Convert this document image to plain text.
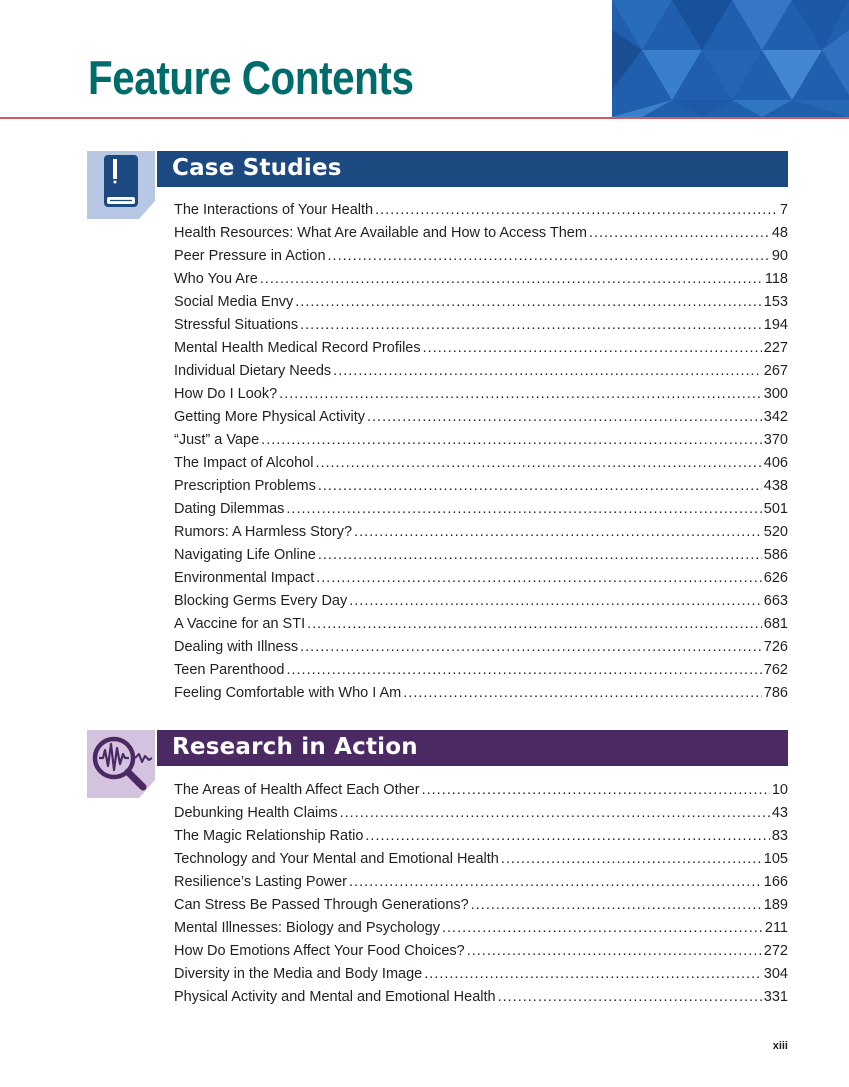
Feature Contents
Case Studies
The Interactions of Your Health .....	7
Health Resources: What Are Available and How to Access Them .....	48
Peer Pressure in Action .....	90
Who You Are .....	118
Social Media Envy .....	153
Stressful Situations .....	194
Mental Health Medical Record Profiles .....	227
Individual Dietary Needs .....	267
How Do I Look? .....	300
Getting More Physical Activity .....	342
“Just” a Vape .....	370
The Impact of Alcohol .....	406
Prescription Problems .....	438
Dating Dilemmas .....	501
Rumors: A Harmless Story? .....	520
Navigating Life Online .....	586
Environmental Impact .....	626
Blocking Germs Every Day .....	663
A Vaccine for an STI .....	681
Dealing with Illness .....	726
Teen Parenthood .....	762
Feeling Comfortable with Who I Am .....	786
Research in Action
The Areas of Health Affect Each Other .....	10
Debunking Health Claims .....	43
The Magic Relationship Ratio .....	83
Technology and Your Mental and Emotional Health .....	105
Resilience’s Lasting Power .....	166
Can Stress Be Passed Through Generations? .....	189
Mental Illnesses: Biology and Psychology .....	211
How Do Emotions Affect Your Food Choices? .....	272
Diversity in the Media and Body Image .....	304
Physical Activity and Mental and Emotional Health .....	331
xiii
